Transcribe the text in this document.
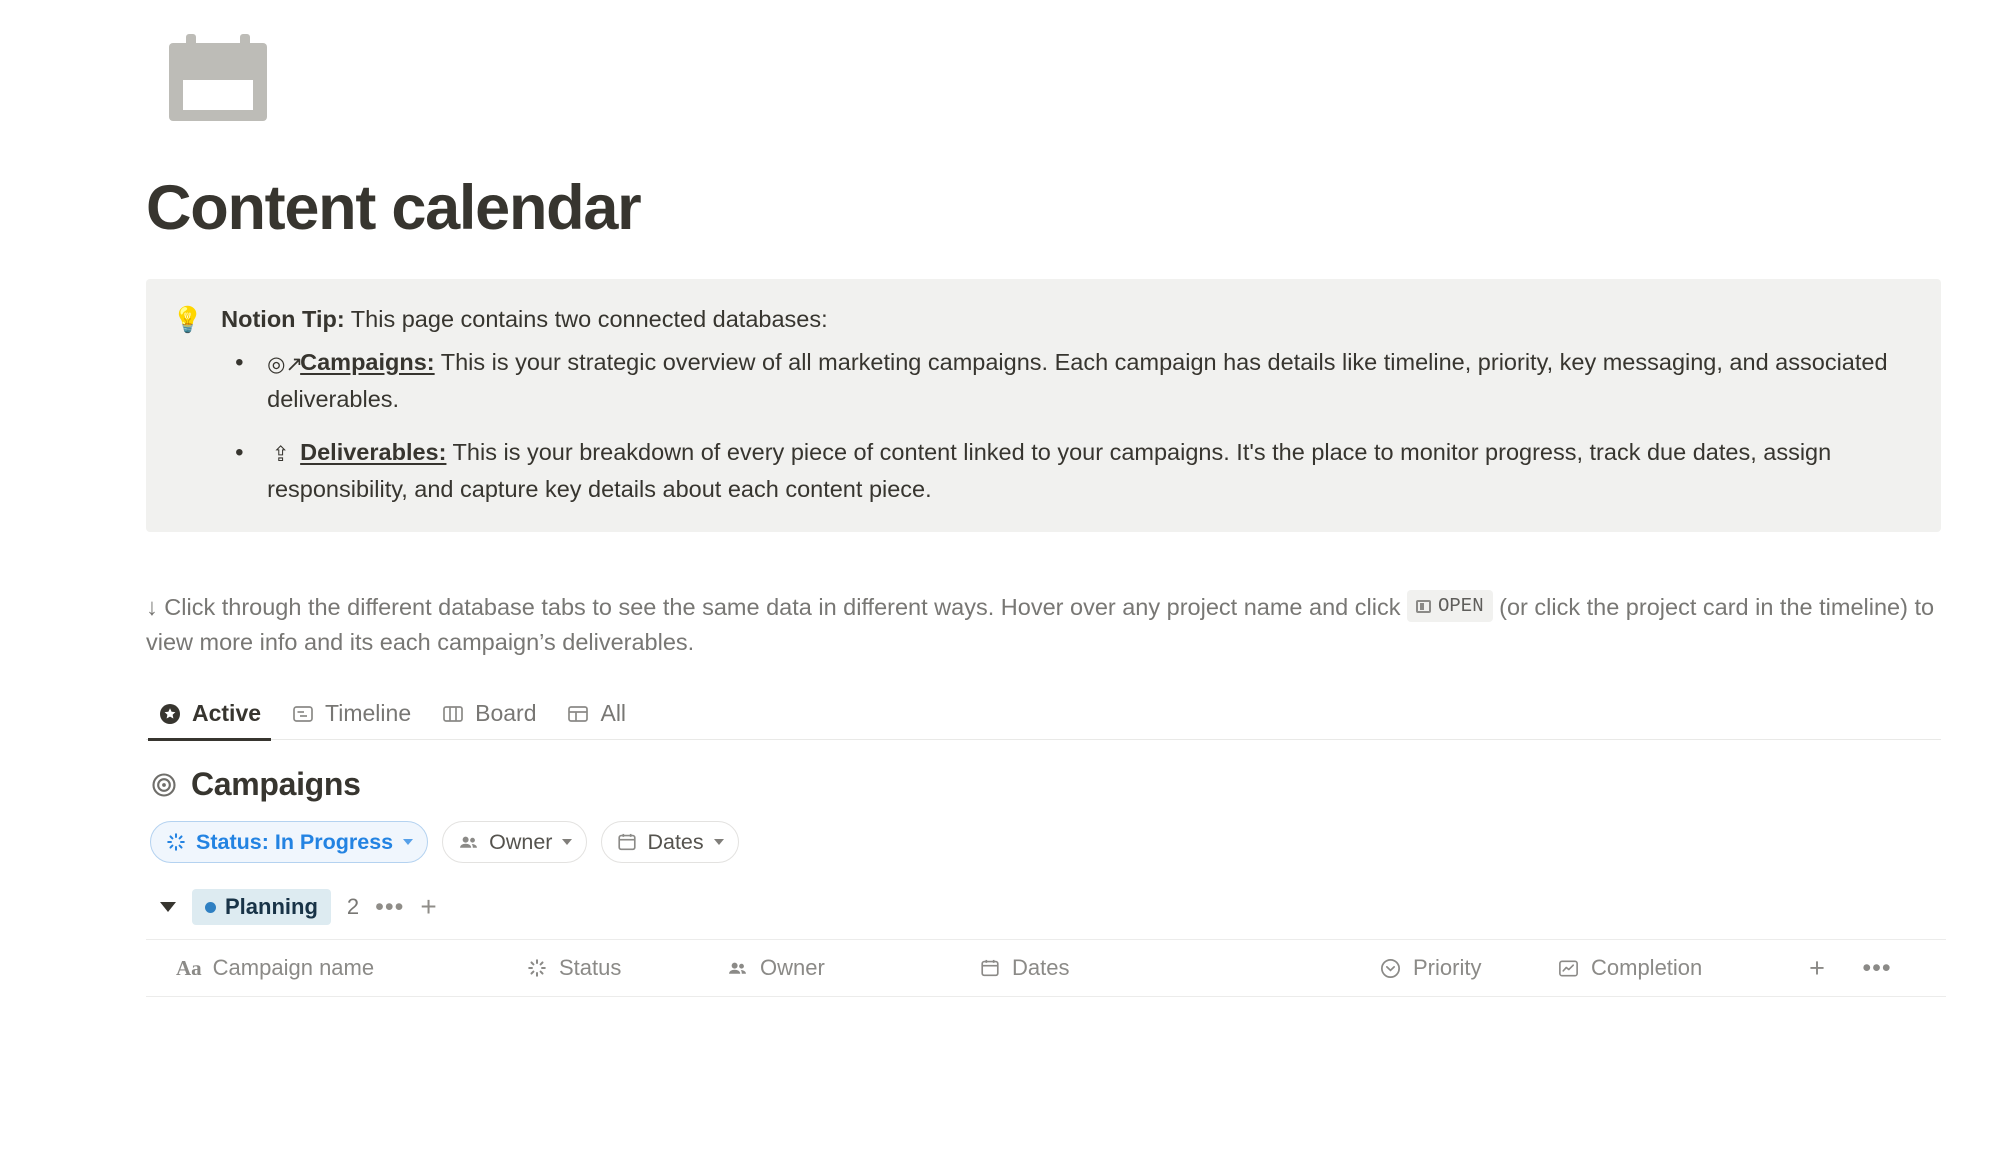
Content calendar
💡 Notion Tip: This page contains two connected databases:

• ◎↗Campaigns: This is your strategic overview of all marketing campaigns. Each campaign has details like timeline, priority, key messaging, and associated deliverables.
• ⇪ Deliverables: This is your breakdown of every piece of content linked to your campaigns. It's the place to monitor progress, track due dates, assign responsibility, and capture key details about each content piece.
↓ Click through the different database tabs to see the same data in different ways. Hover over any project name and click OPEN (or click the project card in the timeline) to view more info and its each campaign’s deliverables.
Active	Timeline	Board	All
Campaigns
Status: In Progress	Owner	Dates
Planning 2 ••• +
Aa Campaign name	Status	Owner	Dates	Priority	Completion	+ •••
